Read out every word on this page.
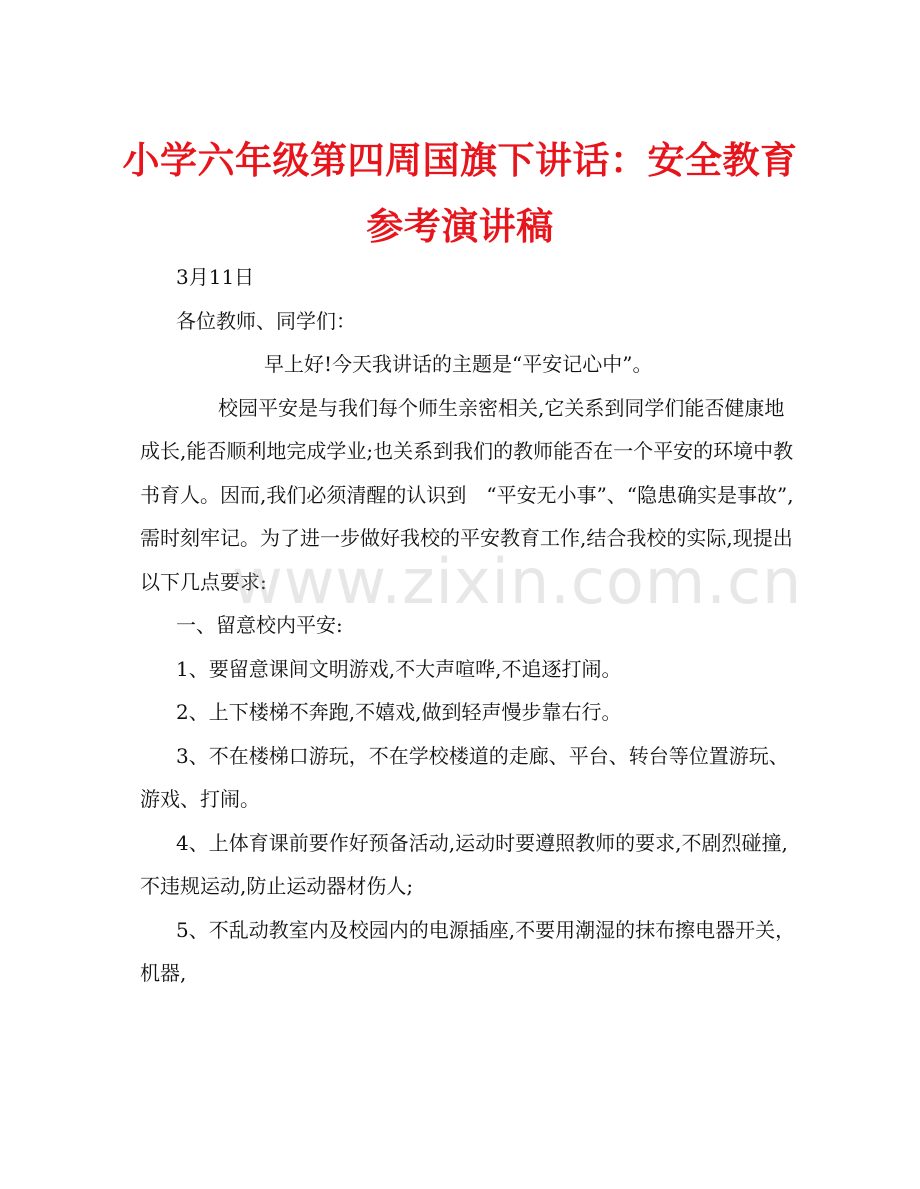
小学六年级第四周国旗下讲话：安全教育参考演讲稿

3月11日

各位教师、同学们：

早上好!今天我讲话的主题是“平安记心中”。

校园平安是与我们每个师生亲密相关,它关系到同学们能否健康地成长,能否顺利地完成学业;也关系到我们的教师能否在一个平安的环境中教书育人。因而,我们必须清醒的认识到　“平安无小事”、“隐患确实是事故”,需时刻牢记。为了进一步做好我校的平安教育工作,结合我校的实际,现提出以下几点要求:

一、留意校内平安:

1、要留意课间文明游戏,不大声喧哗,不追逐打闹。

2、上下楼梯不奔跑,不嬉戏,做到轻声慢步靠右行。

3、不在楼梯口游玩，不在学校楼道的走廊、平台、转台等位置游玩、游戏、打闹。

4、上体育课前要作好预备活动,运动时要遵照教师的要求,不剧烈碰撞,不违规运动,防止运动器材伤人;

5、不乱动教室内及校园内的电源插座,不要用潮湿的抹布擦电器开关，机器,

www.zixin.com.cn
